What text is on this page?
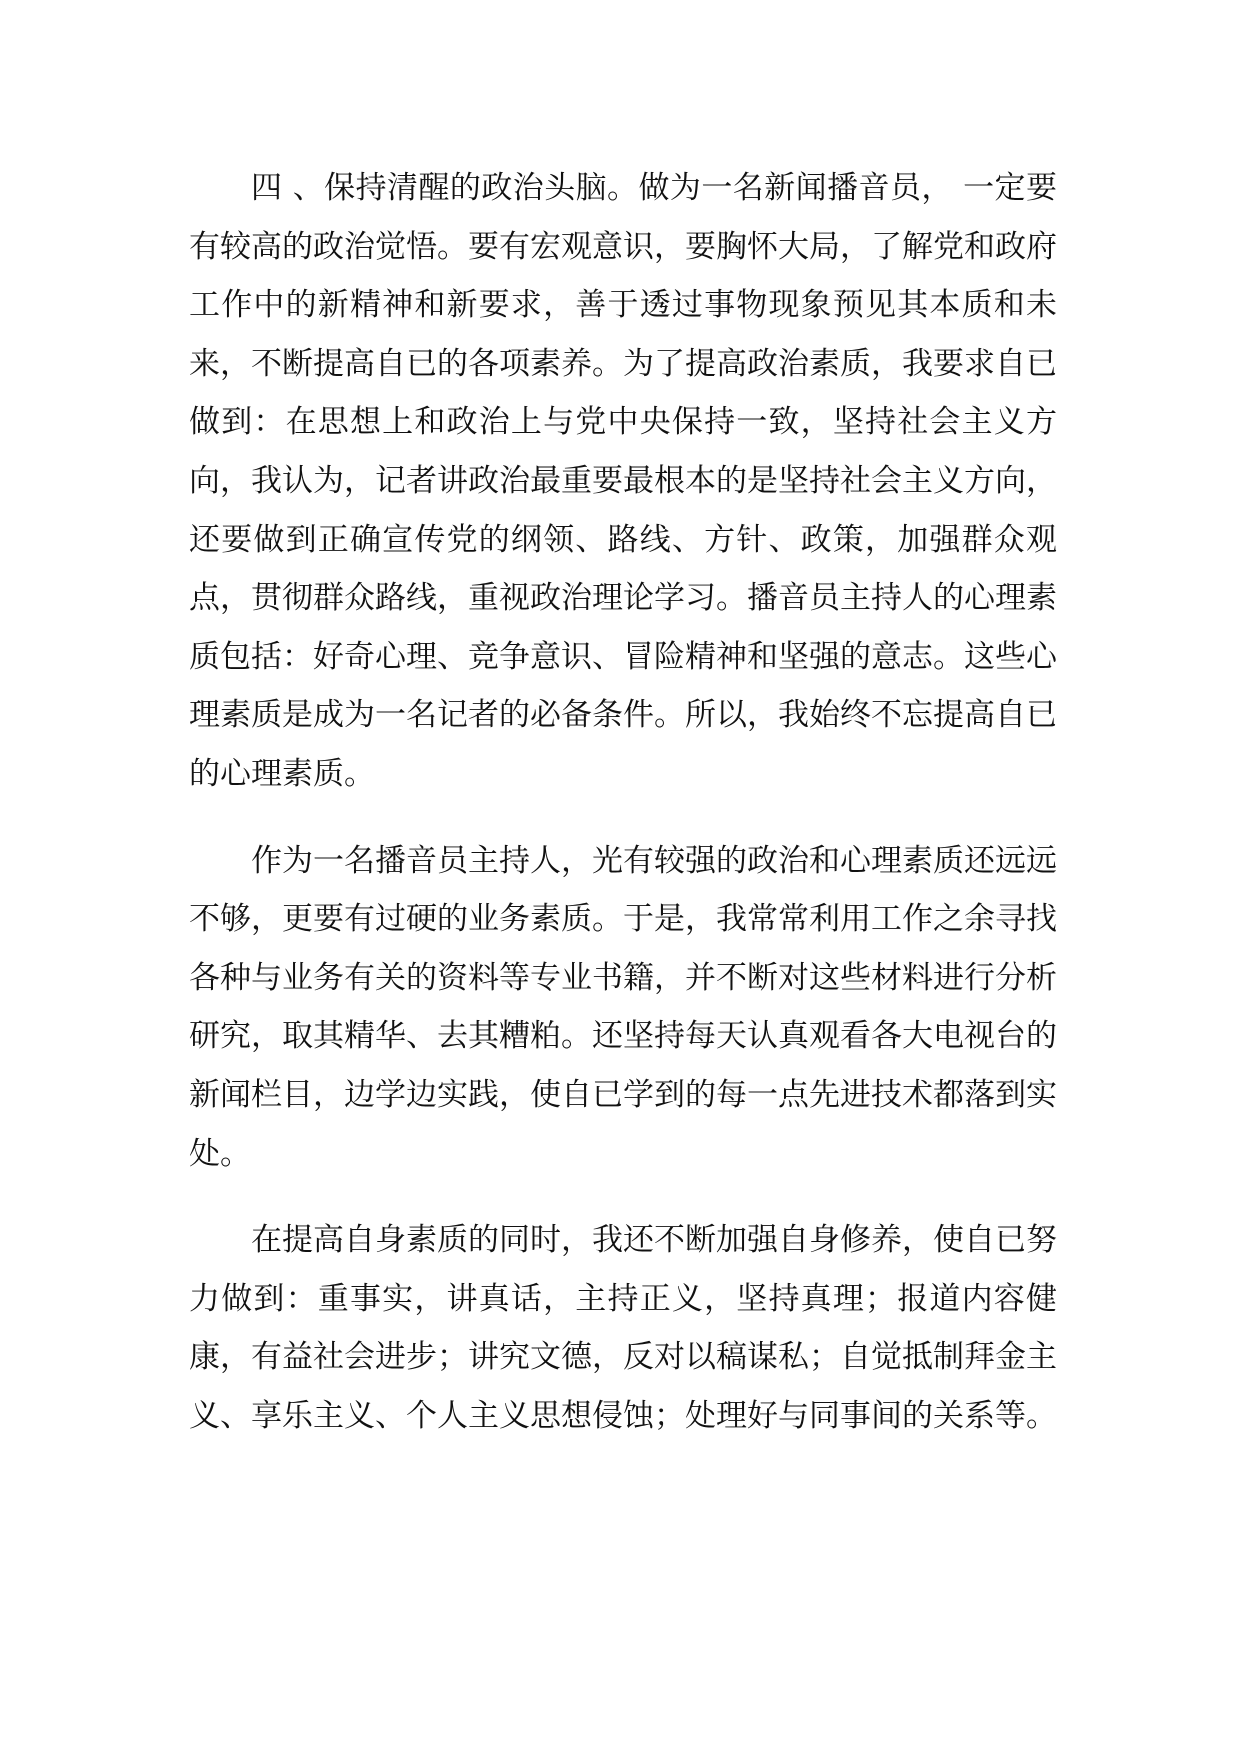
四 、保持清醒的政治头脑。做为一名新闻播音员， 一定要有较高的政治觉悟。要有宏观意识，要胸怀大局，了解党和政府工作中的新精神和新要求，善于透过事物现象预见其本质和未来，不断提高自已的各项素养。为了提高政治素质，我要求自已做到：在思想上和政治上与党中央保持一致，坚持社会主义方向，我认为，记者讲政治最重要最根本的是坚持社会主义方向，还要做到正确宣传党的纲领、路线、方针、政策，加强群众观点，贯彻群众路线，重视政治理论学习。播音员主持人的心理素质包括：好奇心理、竞争意识、冒险精神和坚强的意志。这些心理素质是成为一名记者的必备条件。所以，我始终不忘提高自已的心理素质。

作为一名播音员主持人，光有较强的政治和心理素质还远远不够，更要有过硬的业务素质。于是，我常常利用工作之余寻找各种与业务有关的资料等专业书籍，并不断对这些材料进行分析研究，取其精华、去其糟粕。还坚持每天认真观看各大电视台的新闻栏目，边学边实践，使自已学到的每一点先进技术都落到实处。

在提高自身素质的同时，我还不断加强自身修养，使自已努力做到：重事实，讲真话，主持正义，坚持真理；报道内容健康，有益社会进步；讲究文德，反对以稿谋私；自觉抵制拜金主义、享乐主义、个人主义思想侵蚀；处理好与同事间的关系等。
